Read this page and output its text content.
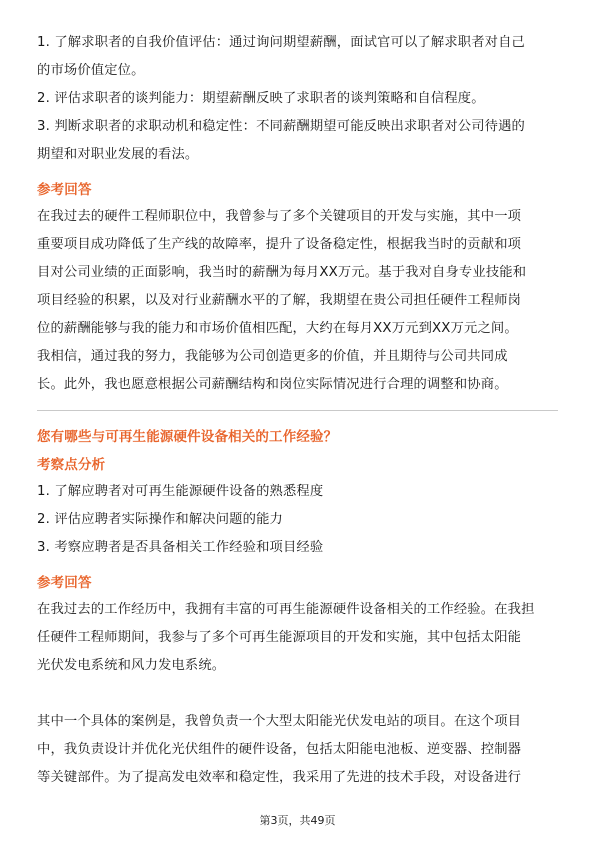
1. 了解求职者的自我价值评估：通过询问期望薪酬，面试官可以了解求职者对自己
的市场价值定位。
2. 评估求职者的谈判能力：期望薪酬反映了求职者的谈判策略和自信程度。
3. 判断求职者的求职动机和稳定性：不同薪酬期望可能反映出求职者对公司待遇的
期望和对职业发展的看法。
参考回答
在我过去的硬件工程师职位中，我曾参与了多个关键项目的开发与实施，其中一项
重要项目成功降低了生产线的故障率，提升了设备稳定性，根据我当时的贡献和项
目对公司业绩的正面影响，我当时的薪酬为每月XX万元。基于我对自身专业技能和
项目经验的积累，以及对行业薪酬水平的了解，我期望在贵公司担任硬件工程师岗
位的薪酬能够与我的能力和市场价值相匹配，大约在每月XX万元到XX万元之间。
我相信，通过我的努力，我能够为公司创造更多的价值，并且期待与公司共同成
长。此外，我也愿意根据公司薪酬结构和岗位实际情况进行合理的调整和协商。
您有哪些与可再生能源硬件设备相关的工作经验？
考察点分析
1. 了解应聘者对可再生能源硬件设备的熟悉程度
2. 评估应聘者实际操作和解决问题的能力
3. 考察应聘者是否具备相关工作经验和项目经验
参考回答
在我过去的工作经历中，我拥有丰富的可再生能源硬件设备相关的工作经验。在我担
任硬件工程师期间，我参与了多个可再生能源项目的开发和实施，其中包括太阳能
光伏发电系统和风力发电系统。
其中一个具体的案例是，我曾负责一个大型太阳能光伏发电站的项目。在这个项目
中，我负责设计并优化光伏组件的硬件设备，包括太阳能电池板、逆变器、控制器
等关键部件。为了提高发电效率和稳定性，我采用了先进的技术手段，对设备进行
第3页，共49页
